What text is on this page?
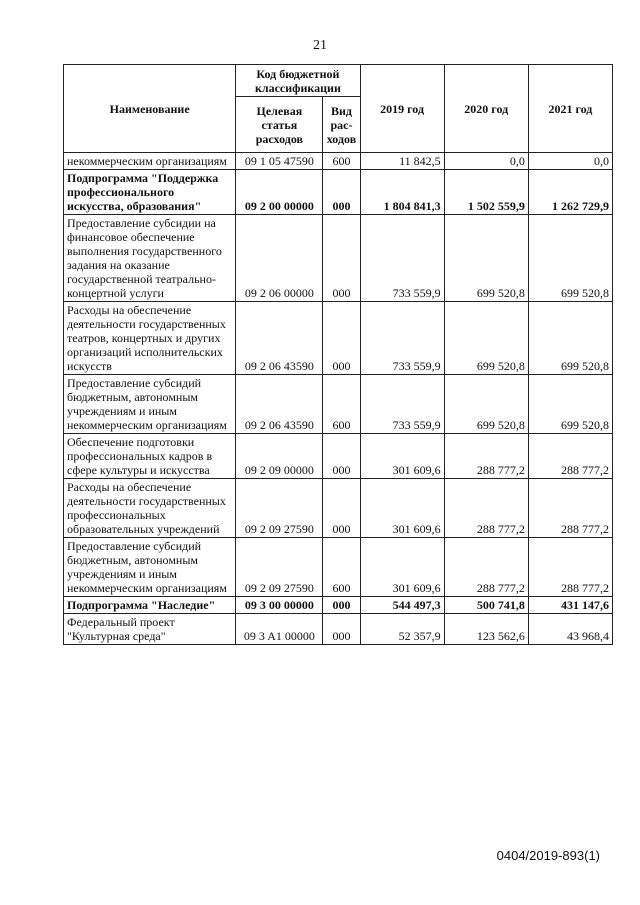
21
Наименование	Код бюджетной классификации		2019 год	2020 год	2021 год
	Целевая статья расходов	Вид рас-ходов			
некоммерческим организациям	09 1 05 47590	600	11 842,5	0,0	0,0
Подпрограмма "Поддержка профессионального искусства, образования"	09 2 00 00000	000	1 804 841,3	1 502 559,9	1 262 729,9
Предоставление субсидии на финансовое обеспечение выполнения государственного задания на оказание государственной театрально-концертной услуги	09 2 06 00000	000	733 559,9	699 520,8	699 520,8
Расходы на обеспечение деятельности государственных театров, концертных и других организаций исполнительских искусств	09 2 06 43590	000	733 559,9	699 520,8	699 520,8
Предоставление субсидий бюджетным, автономным учреждениям и иным некоммерческим организациям	09 2 06 43590	600	733 559,9	699 520,8	699 520,8
Обеспечение подготовки профессиональных кадров в сфере культуры и искусства	09 2 09 00000	000	301 609,6	288 777,2	288 777,2
Расходы на обеспечение деятельности государственных профессиональных образовательных учреждений	09 2 09 27590	000	301 609,6	288 777,2	288 777,2
Предоставление субсидий бюджетным, автономным учреждениям и иным некоммерческим организациям	09 2 09 27590	600	301 609,6	288 777,2	288 777,2
Подпрограмма "Наследие"	09 3 00 00000	000	544 497,3	500 741,8	431 147,6
Федеральный проект "Культурная среда"	09 3 A1 00000	000	52 357,9	123 562,6	43 968,4
0404/2019-893(1)
